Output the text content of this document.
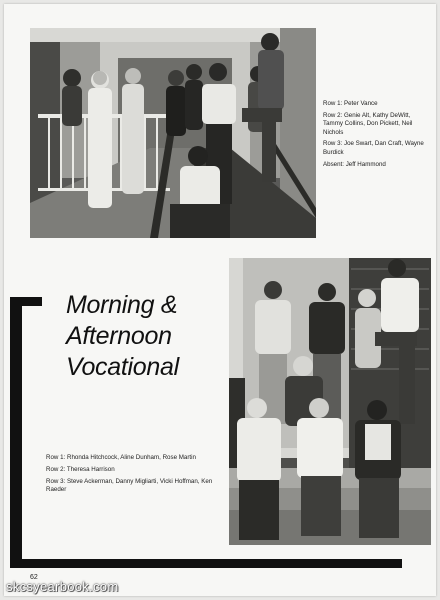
Row 1: Peter Vance

Row 2: Genie Alt, Kathy DeWitt, Tammy Collins, Don Pickett, Neil Nichols

Row 3: Joe Swart, Dan Craft, Wayne Burdick

Absent: Jeff Hammond

Morning &
Afternoon
Vocational

Row 1: Rhonda Hitchcock, Aline Dunham, Rose Martin

Row 2: Theresa Harrison

Row 3: Steve Ackerman, Danny Migliarti, Vicki Hoffman, Ken Raeder

62
skcsyearbook.com
